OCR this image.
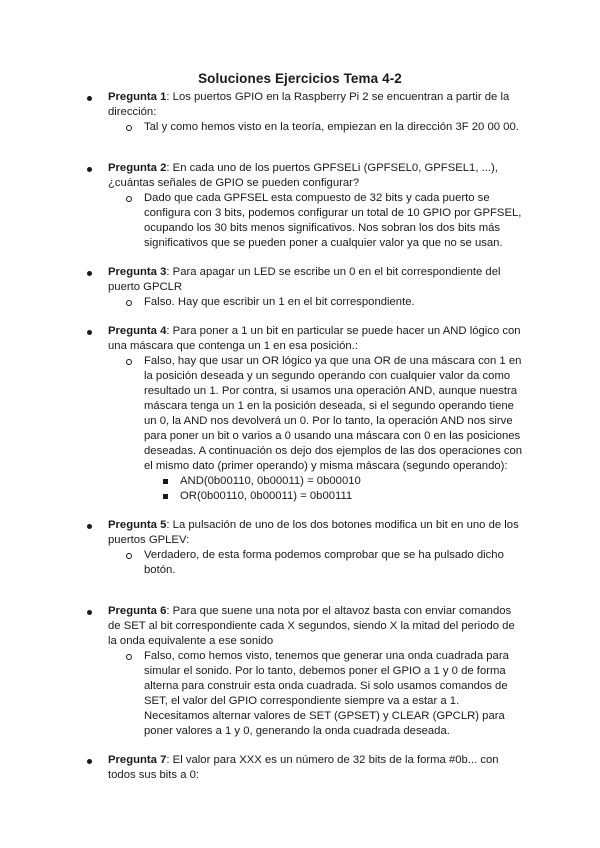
Soluciones Ejercicios Tema 4-2
Pregunta 1: Los puertos GPIO en la Raspberry Pi 2 se encuentran a partir de la dirección:
Tal y como hemos visto en la teoría, empiezan en la dirección 3F 20 00 00.
Pregunta 2: En cada uno de los puertos GPFSELi (GPFSEL0, GPFSEL1, ...), ¿cuántas señales de GPIO se pueden configurar?
Dado que cada GPFSEL esta compuesto de 32 bits y cada puerto se configura con 3 bits, podemos configurar un total de 10 GPIO por GPFSEL, ocupando los 30 bits menos significativos. Nos sobran los dos bits más significativos que se pueden poner a cualquier valor ya que no se usan.
Pregunta 3: Para apagar un LED se escribe un 0 en el bit correspondiente del puerto GPCLR
Falso. Hay que escribir un 1 en el bit correspondiente.
Pregunta 4: Para poner a 1 un bit en particular se puede hacer un AND lógico con una máscara que contenga un 1 en esa posición.:
Falso, hay que usar un OR lógico ya que una OR de una máscara con 1 en la posición deseada y un segundo operando con cualquier valor da como resultado un 1. Por contra, si usamos una operación AND, aunque nuestra máscara tenga un 1 en la posición deseada, si el segundo operando tiene un 0, la AND nos devolverá un 0. Por lo tanto, la operación AND nos sirve para poner un bit o varios a 0 usando una máscara con 0 en las posiciones deseadas. A continuación os dejo dos ejemplos de las dos operaciones con el mismo dato (primer operando) y misma máscara (segundo operando):
AND(0b00110, 0b00011) = 0b00010
OR(0b00110, 0b00011) = 0b00111
Pregunta 5: La pulsación de uno de los dos botones modifica un bit en uno de los puertos GPLEV:
Verdadero, de esta forma podemos comprobar que se ha pulsado dicho botón.
Pregunta 6: Para que suene una nota por el altavoz basta con enviar comandos de SET al bit correspondiente cada X segundos, siendo X la mitad del periodo de la onda equivalente a ese sonido
Falso, como hemos visto, tenemos que generar una onda cuadrada para simular el sonido. Por lo tanto, debemos poner el GPIO a 1 y 0 de forma alterna para construir esta onda cuadrada. Si solo usamos comandos de SET, el valor del GPIO correspondiente siempre va a estar a 1. Necesitamos alternar valores de SET (GPSET) y CLEAR (GPCLR) para poner valores a 1 y 0, generando la onda cuadrada deseada.
Pregunta 7: El valor para XXX es un número de 32 bits de la forma #0b... con todos sus bits a 0:
